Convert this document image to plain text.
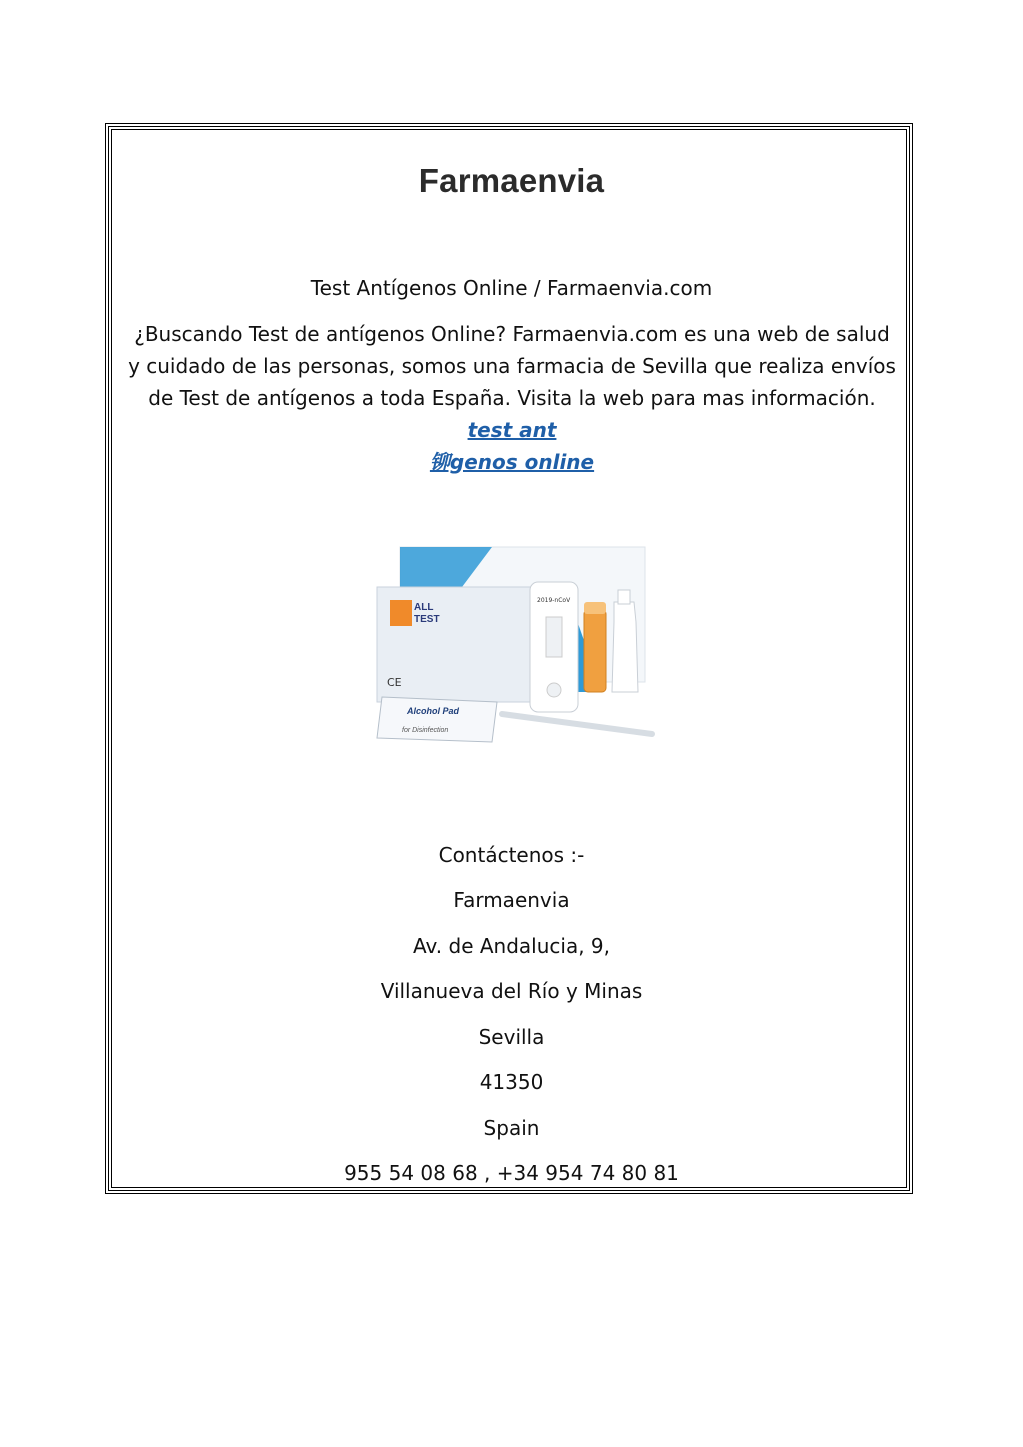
Farmaenvia
Test Antígenos Online / Farmaenvia.com
¿Buscando Test de antígenos Online? Farmaenvia.com es una web de salud y cuidado de las personas, somos una farmacia de Sevilla que realiza envíos de Test de antígenos a toda España. Visita la web para mas información. test ant
铆genos online
ALL
TEST
CE
Alcohol Pad
for Disinfection
2019-nCoV
Contáctenos :-
Farmaenvia
Av. de Andalucia, 9,
Villanueva del Río y Minas
Sevilla
41350
Spain
955 54 08 68 , +34 954 74 80 81
